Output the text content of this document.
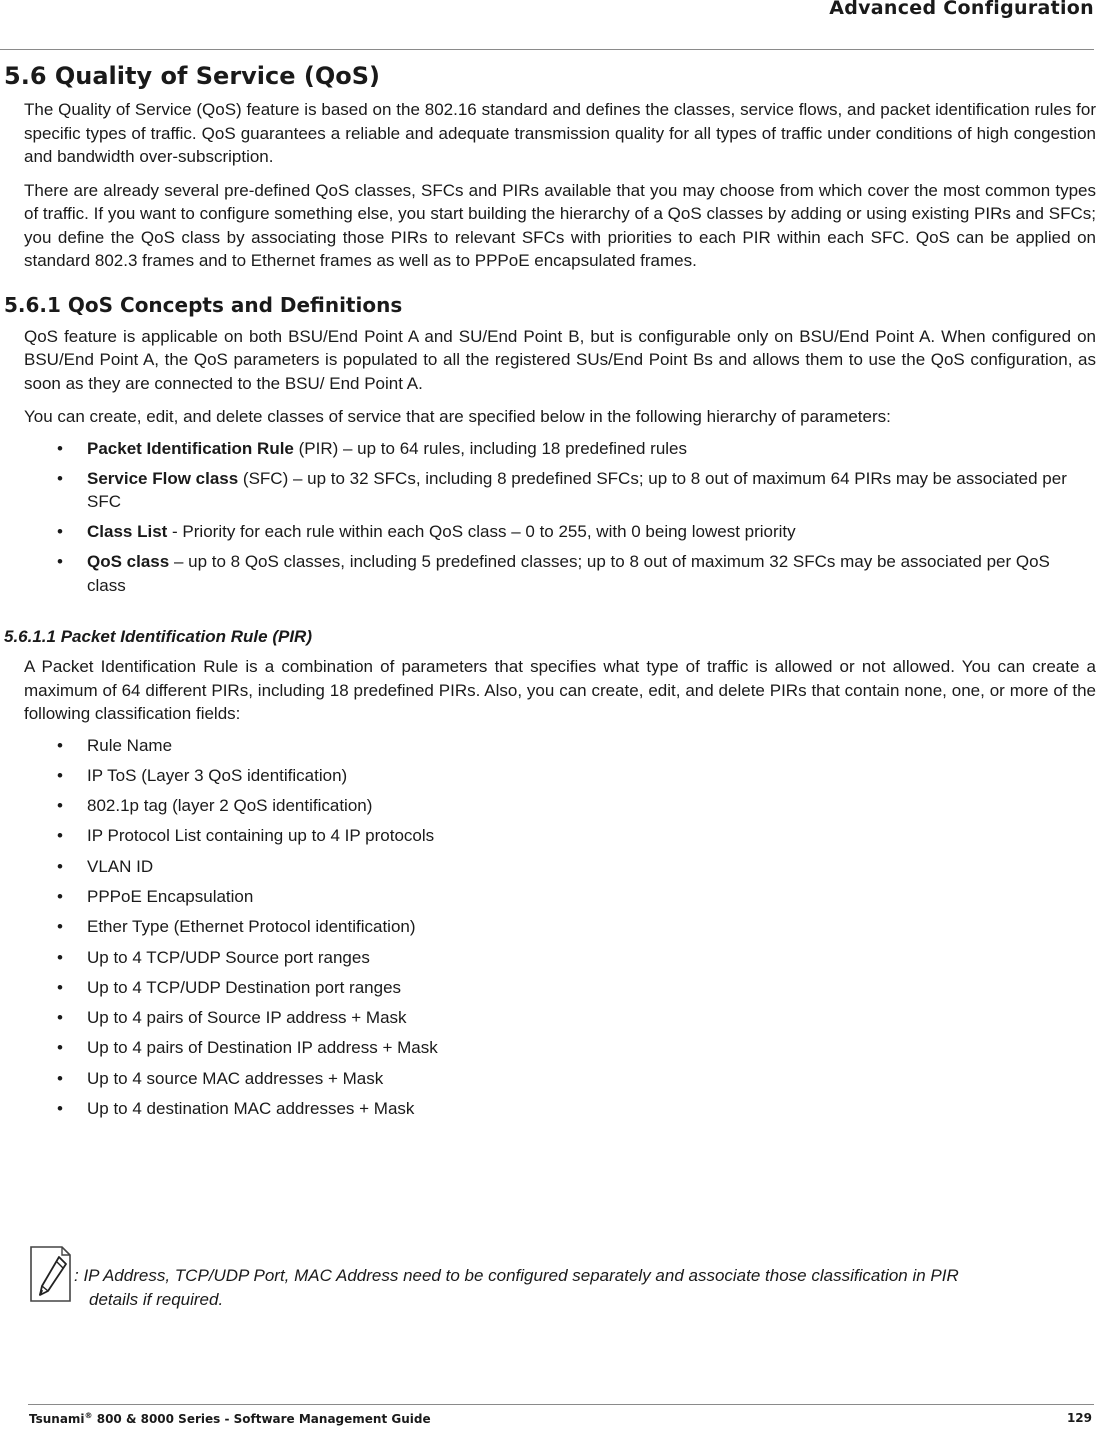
Advanced Configuration
5.6 Quality of Service (QoS)

The Quality of Service (QoS) feature is based on the 802.16 standard and defines the classes, service flows, and packet identification rules for specific types of traffic. QoS guarantees a reliable and adequate transmission quality for all types of traffic under conditions of high congestion and bandwidth over-subscription.

There are already several pre-defined QoS classes, SFCs and PIRs available that you may choose from which cover the most common types of traffic. If you want to configure something else, you start building the hierarchy of a QoS classes by adding or using existing PIRs and SFCs; you define the QoS class by associating those PIRs to relevant SFCs with priorities to each PIR within each SFC. QoS can be applied on standard 802.3 frames and to Ethernet frames as well as to PPPoE encapsulated frames.

5.6.1 QoS Concepts and Definitions

QoS feature is applicable on both BSU/End Point A and SU/End Point B, but is configurable only on BSU/End Point A. When configured on BSU/End Point A, the QoS parameters is populated to all the registered SUs/End Point Bs and allows them to use the QoS configuration, as soon as they are connected to the BSU/ End Point A.

You can create, edit, and delete classes of service that are specified below in the following hierarchy of parameters:

• Packet Identification Rule (PIR) – up to 64 rules, including 18 predefined rules
• Service Flow class (SFC) – up to 32 SFCs, including 8 predefined SFCs; up to 8 out of maximum 64 PIRs may be associated per SFC
• Class List - Priority for each rule within each QoS class – 0 to 255, with 0 being lowest priority
• QoS class – up to 8 QoS classes, including 5 predefined classes; up to 8 out of maximum 32 SFCs may be associated per QoS class
5.6.1.1 Packet Identification Rule (PIR)

A Packet Identification Rule is a combination of parameters that specifies what type of traffic is allowed or not allowed. You can create a maximum of 64 different PIRs, including 18 predefined PIRs. Also, you can create, edit, and delete PIRs that contain none, one, or more of the following classification fields:

• Rule Name
• IP ToS (Layer 3 QoS identification)
• 802.1p tag (layer 2 QoS identification)
• IP Protocol List containing up to 4 IP protocols
• VLAN ID
• PPPoE Encapsulation
• Ether Type (Ethernet Protocol identification)
• Up to 4 TCP/UDP Source port ranges
• Up to 4 TCP/UDP Destination port ranges
• Up to 4 pairs of Source IP address + Mask
• Up to 4 pairs of Destination IP address + Mask
• Up to 4 source MAC addresses + Mask
• Up to 4 destination MAC addresses + Mask
: IP Address, TCP/UDP Port, MAC Address need to be configured separately and associate those classification in PIR
details if required.
Tsunami® 800 & 8000 Series - Software Management Guide	129
